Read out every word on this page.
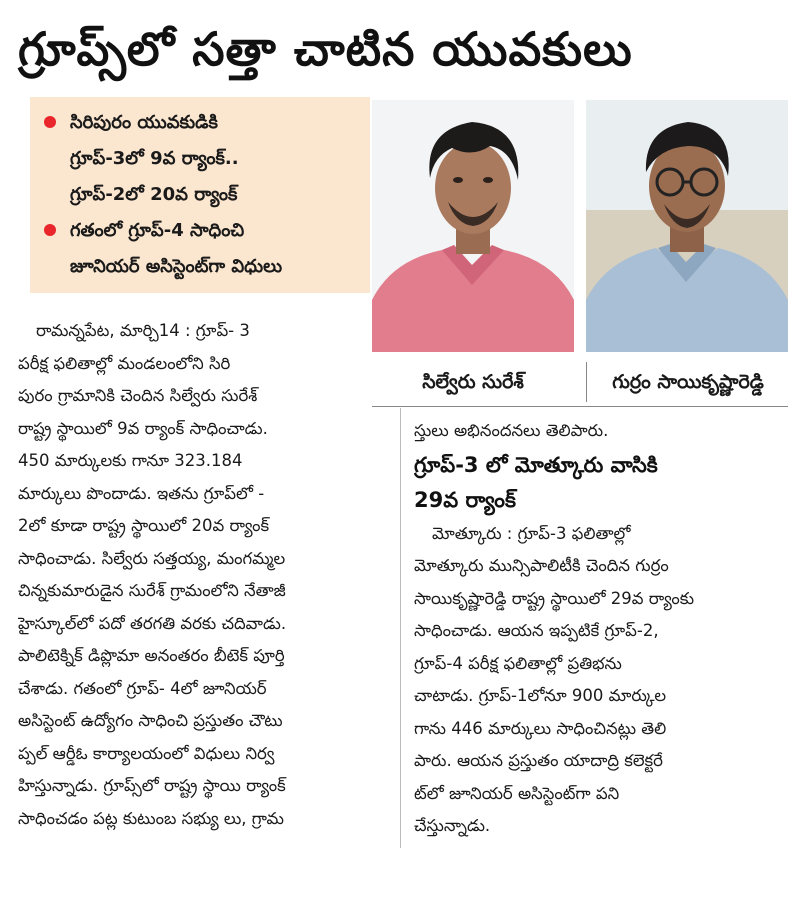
గ్రూప్స్‌లో సత్తా చాటిన యువకులు
సిరిపురం యువకుడికి
గ్రూప్-3లో 9వ ర్యాంక్..
గ్రూప్-2లో 20వ ర్యాంక్
గతంలో గ్రూప్-4 సాధించి
జూనియర్ అసిస్టెంట్‌గా విధులు
సిల్వేరు సురేశ్	గుర్రం సాయికృష్ణారెడ్డి
రామన్నపేట, మార్చి14 : గ్రూప్- 3
పరీక్ష ఫలితాల్లో మండలంలోని సిరి
పురం గ్రామానికి చెందిన సిల్వేరు సురేశ్
రాష్ట్ర స్థాయిలో 9వ ర్యాంక్ సాధించాడు.
450 మార్కులకు గానూ 323.184
మార్కులు పొందాడు. ఇతను గ్రూప్‌లో -
2లో కూడా రాష్ట్ర స్థాయిలో 20వ ర్యాంక్
సాధించాడు. సిల్వేరు సత్తయ్య, మంగమ్మల
చిన్నకుమారుడైన సురేశ్ గ్రామంలోని నేతాజీ
హైస్కూల్‌లో పదో తరగతి వరకు చదివాడు.
పాలిటెక్నిక్ డిప్లొమా అనంతరం బీటెక్ పూర్తి
చేశాడు. గతంలో గ్రూప్- 4లో జూనియర్
అసిస్టెంట్ ఉద్యోగం సాధించి ప్రస్తుతం చౌటు
ప్పల్ ఆర్డీఓ కార్యాలయంలో విధులు నిర్వ
హిస్తున్నాడు. గ్రూప్స్‌లో రాష్ట్ర స్థాయి ర్యాంక్
సాధించడం పట్ల కుటుంబ సభ్యు లు, గ్రామ
స్తులు అభినందనలు తెలిపారు.
గ్రూప్-3 లో మోత్కూరు వాసికి
29వ ర్యాంక్
మోత్కూరు : గ్రూప్-3 ఫలితాల్లో
మోత్కూరు మున్సిపాలిటీకి చెందిన గుర్రం
సాయికృష్ణారెడ్డి రాష్ట్ర స్థాయిలో 29వ ర్యాంకు
సాధించాడు. ఆయన ఇప్పటికే గ్రూప్-2,
గ్రూప్-4 పరీక్ష ఫలితాల్లో ప్రతిభను
చాటాడు. గ్రూప్-1లోనూ 900 మార్కుల
గాను 446 మార్కులు సాధించినట్లు తెలి
పారు. ఆయన ప్రస్తుతం యాదాద్రి కలెక్టరే
ట్‌లో జూనియర్ అసిస్టెంట్‌గా పని
చేస్తున్నాడు.
